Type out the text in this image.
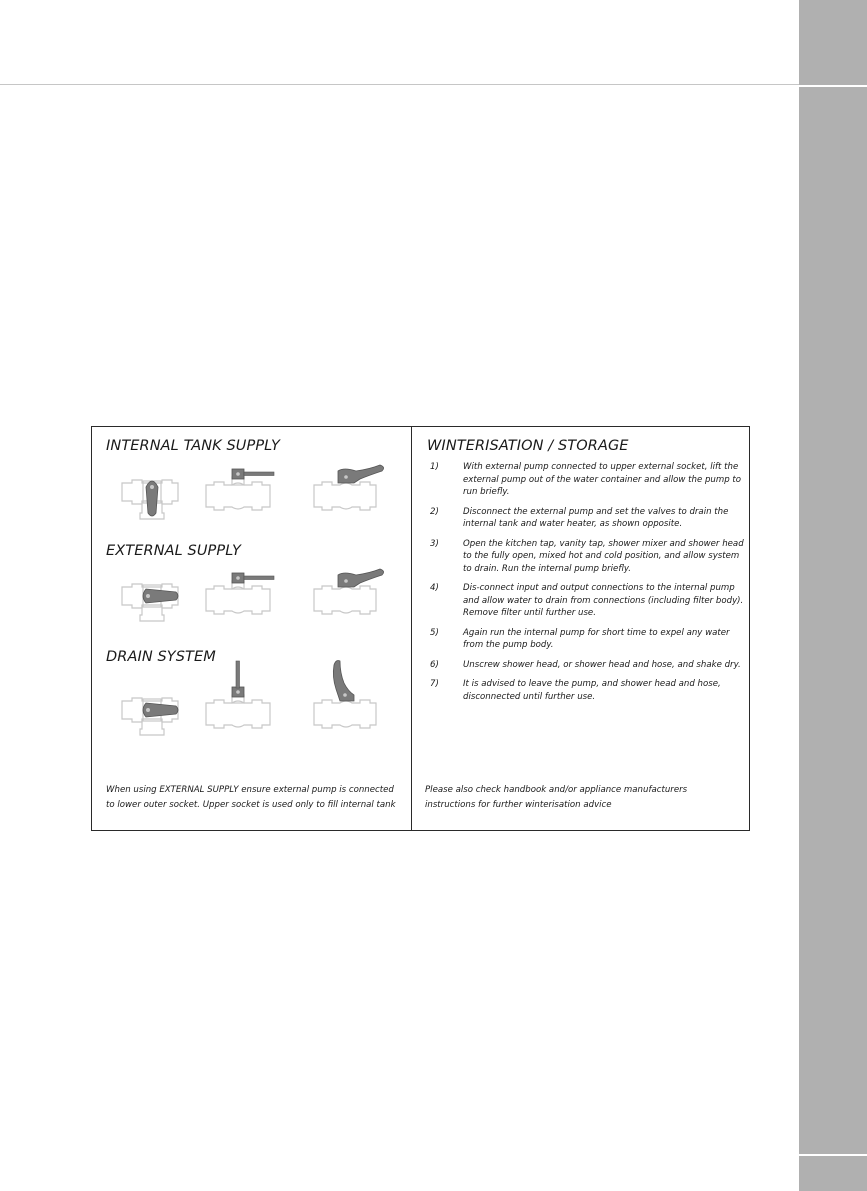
INTERNAL TANK SUPPLY
EXTERNAL SUPPLY
DRAIN SYSTEM
When using EXTERNAL SUPPLY ensure external pump is connected to lower outer socket. Upper socket is used only to fill internal tank
WINTERISATION / STORAGE
1)	With external pump connected to upper external socket, lift the external pump out of the water container and allow the pump to run briefly.
2)	Disconnect the external pump and set the valves to drain the internal tank and water heater, as shown opposite.
3)	Open the kitchen tap, vanity tap, shower mixer and shower head to the fully open, mixed hot and cold position, and allow system to drain. Run the internal pump briefly.
4)	Dis-connect input and output connections to the internal pump and allow water to drain from connections (including filter body). Remove filter until further use.
5)	Again run the internal pump for short time to expel any water from the pump body.
6)	Unscrew shower head, or shower head and hose, and shake dry.
7)	It is advised to leave the pump, and shower head and hose, disconnected until further use.
Please also check handbook and/or appliance manufacturers instructions for further winterisation advice
